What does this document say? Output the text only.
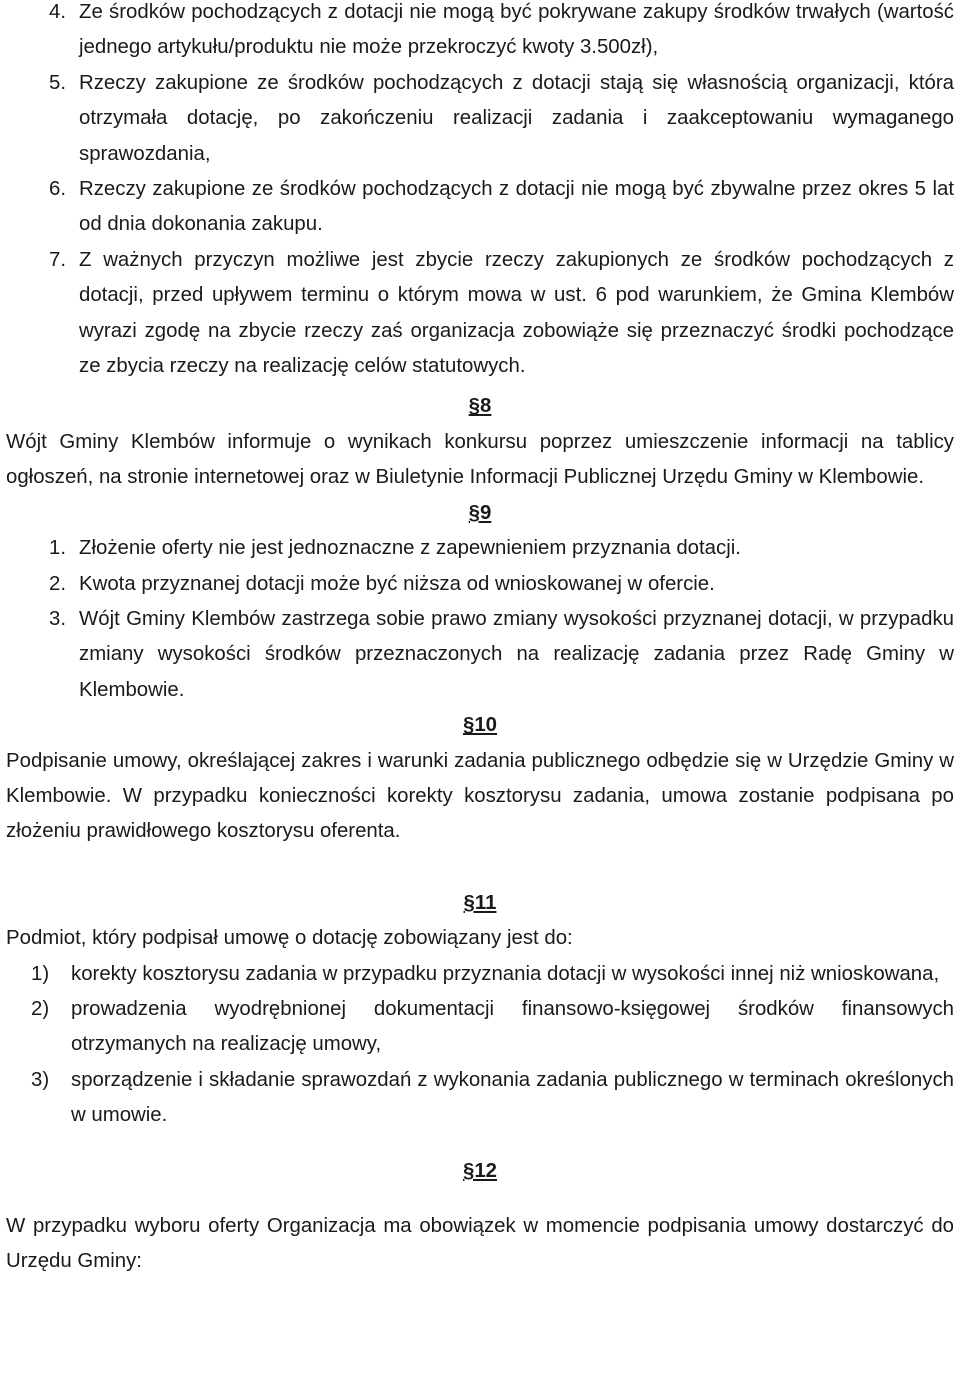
4. Ze środków pochodzących z dotacji nie mogą być pokrywane zakupy środków trwałych (wartość jednego artykułu/produktu nie może przekroczyć kwoty 3.500zł),
5. Rzeczy zakupione ze środków pochodzących z dotacji stają się własnością organizacji, która otrzymała dotację, po zakończeniu realizacji zadania i zaakceptowaniu wymaganego sprawozdania,
6. Rzeczy zakupione ze środków pochodzących z dotacji nie mogą być zbywalne przez okres 5 lat od dnia dokonania zakupu.
7. Z ważnych przyczyn możliwe jest zbycie rzeczy zakupionych ze środków pochodzących z dotacji, przed upływem terminu o którym mowa w ust. 6 pod warunkiem, że Gmina Klembów wyrazi zgodę na zbycie rzeczy zaś organizacja zobowiąże się przeznaczyć środki pochodzące ze zbycia rzeczy na realizację celów statutowych.

§8

Wójt Gminy Klembów informuje o wynikach konkursu poprzez umieszczenie informacji na tablicy ogłoszeń, na stronie internetowej oraz w Biuletynie Informacji Publicznej Urzędu Gminy w Klembowie.

§9

1. Złożenie oferty nie jest jednoznaczne z zapewnieniem przyznania dotacji.
2. Kwota przyznanej dotacji może być niższa od wnioskowanej w ofercie.
3. Wójt Gminy Klembów zastrzega sobie prawo zmiany wysokości przyznanej dotacji, w przypadku zmiany wysokości środków przeznaczonych na realizację zadania przez Radę Gminy w Klembowie.

§10

Podpisanie umowy, określającej zakres i warunki zadania publicznego odbędzie się w Urzędzie Gminy w Klembowie. W przypadku konieczności korekty kosztorysu zadania, umowa zostanie podpisana po złożeniu prawidłowego kosztorysu oferenta.

§11

Podmiot, który podpisał umowę o dotację zobowiązany jest do:

1)	korekty kosztorysu zadania w przypadku przyznania dotacji w wysokości innej niż wnioskowana,
2)	prowadzenia wyodrębnionej dokumentacji finansowo-księgowej środków finansowych otrzymanych na realizację umowy,
3)	sporządzenie i składanie sprawozdań z wykonania zadania publicznego w terminach określonych w umowie.

§12

W przypadku wyboru oferty Organizacja ma obowiązek w momencie podpisania umowy dostarczyć do Urzędu Gminy:
